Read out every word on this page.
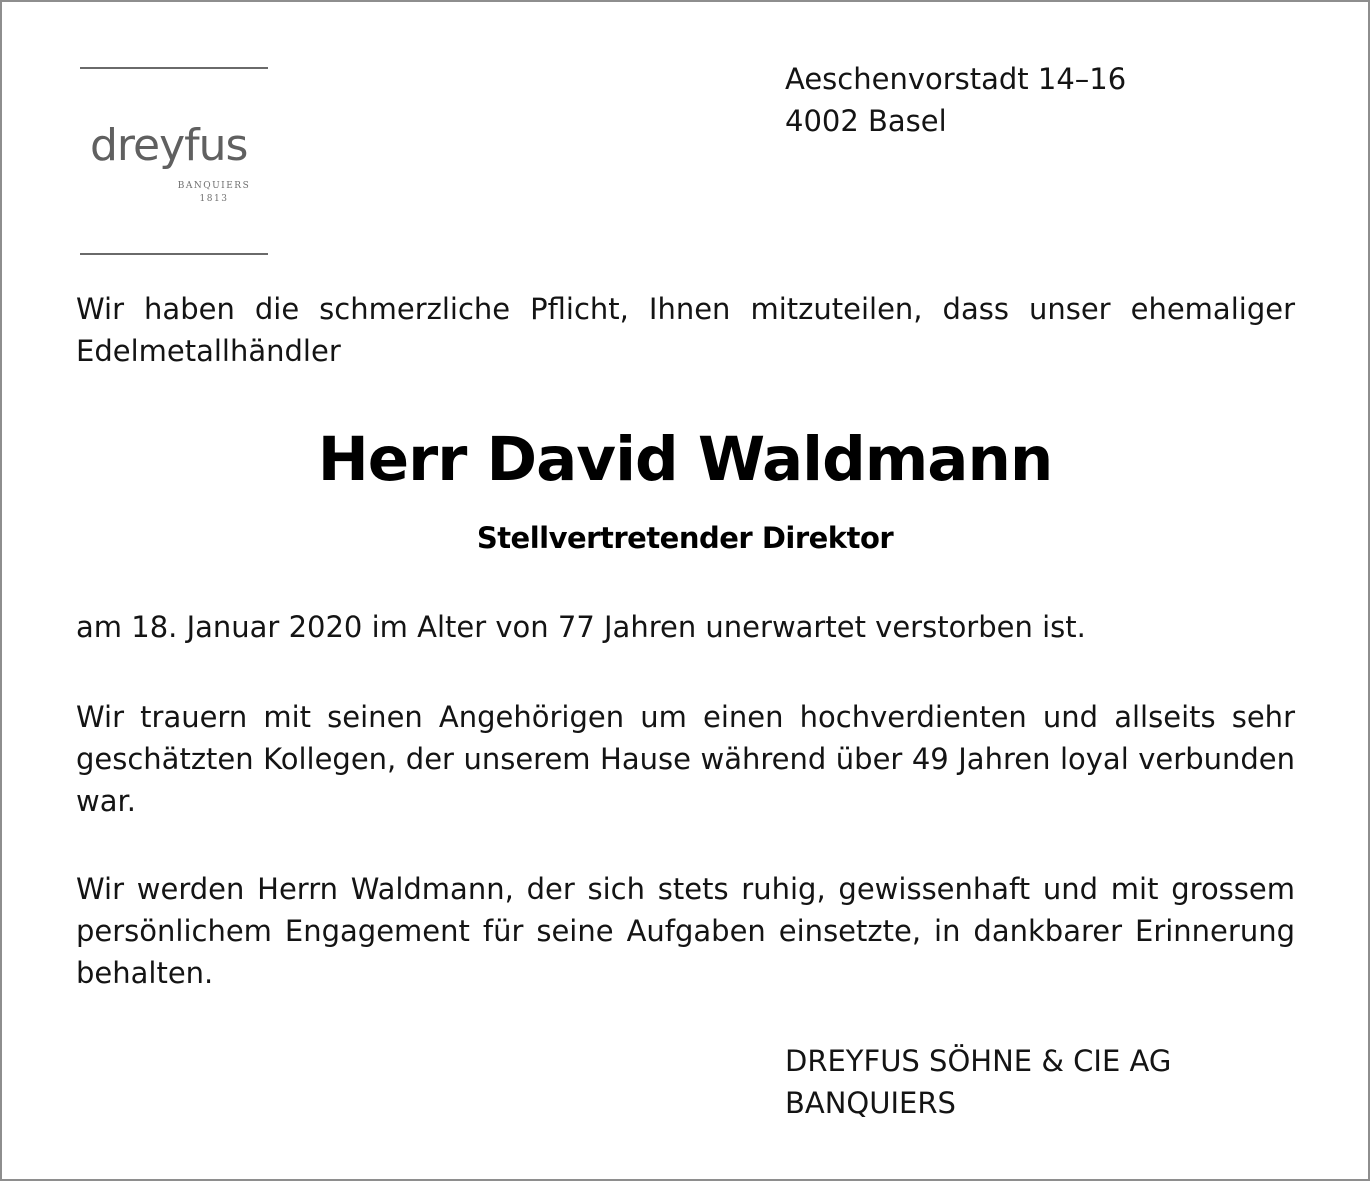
dreyfus
BANQUIERS
1813
Aeschenvorstadt 14–16
4002 Basel
Wir haben die schmerzliche Pflicht, Ihnen mitzuteilen, dass unser ehemaliger Edelmetallhändler
Herr David Waldmann
Stellvertretender Direktor
am 18. Januar 2020 im Alter von 77 Jahren unerwartet verstorben ist.
Wir trauern mit seinen Angehörigen um einen hochverdienten und allseits sehr geschätzten Kollegen, der unserem Hause während über 49 Jahren loyal verbunden war.
Wir werden Herrn Waldmann, der sich stets ruhig, gewissenhaft und mit grossem persönlichem Engagement für seine Aufgaben einsetzte, in dankbarer Erinnerung behalten.
DREYFUS SÖHNE & CIE AG
BANQUIERS
